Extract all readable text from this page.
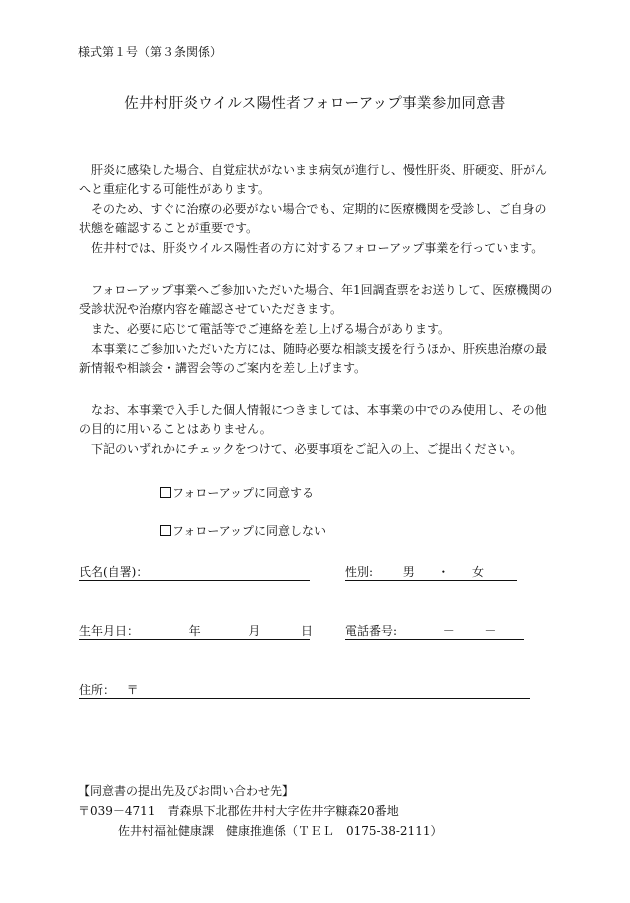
様式第１号（第３条関係）
佐井村肝炎ウイルス陽性者フォローアップ事業参加同意書

肝炎に感染した場合、自覚症状がないまま病気が進行し、慢性肝炎、肝硬変、肝がんへと重症化する可能性があります。

そのため、すぐに治療の必要がない場合でも、定期的に医療機関を受診し、ご自身の状態を確認することが重要です。

佐井村では、肝炎ウイルス陽性者の方に対するフォローアップ事業を行っています。

フォローアップ事業へご参加いただいた場合、年1回調査票をお送りして、医療機関の受診状況や治療内容を確認させていただきます。

また、必要に応じて電話等でご連絡を差し上げる場合があります。

本事業にご参加いただいた方には、随時必要な相談支援を行うほか、肝疾患治療の最新情報や相談会・講習会等のご案内を差し上げます。

なお、本事業で入手した個人情報につきましては、本事業の中でのみ使用し、その他の目的に用いることはありません。

下記のいずれかにチェックをつけて、必要事項をご記入の上、ご提出ください。

フォローアップに同意する
フォローアップに同意しない
氏名(自署)：	性別: 男 ・ 女
生年月日：	年	月	日	電話番号:	－ －
住所： 〒
【同意書の提出先及びお問い合わせ先】
〒039－4711　青森県下北郡佐井村大字佐井字糠森20番地
佐井村福祉健康課　健康推進係（ＴＥＬ　0175‐38‐2111）
